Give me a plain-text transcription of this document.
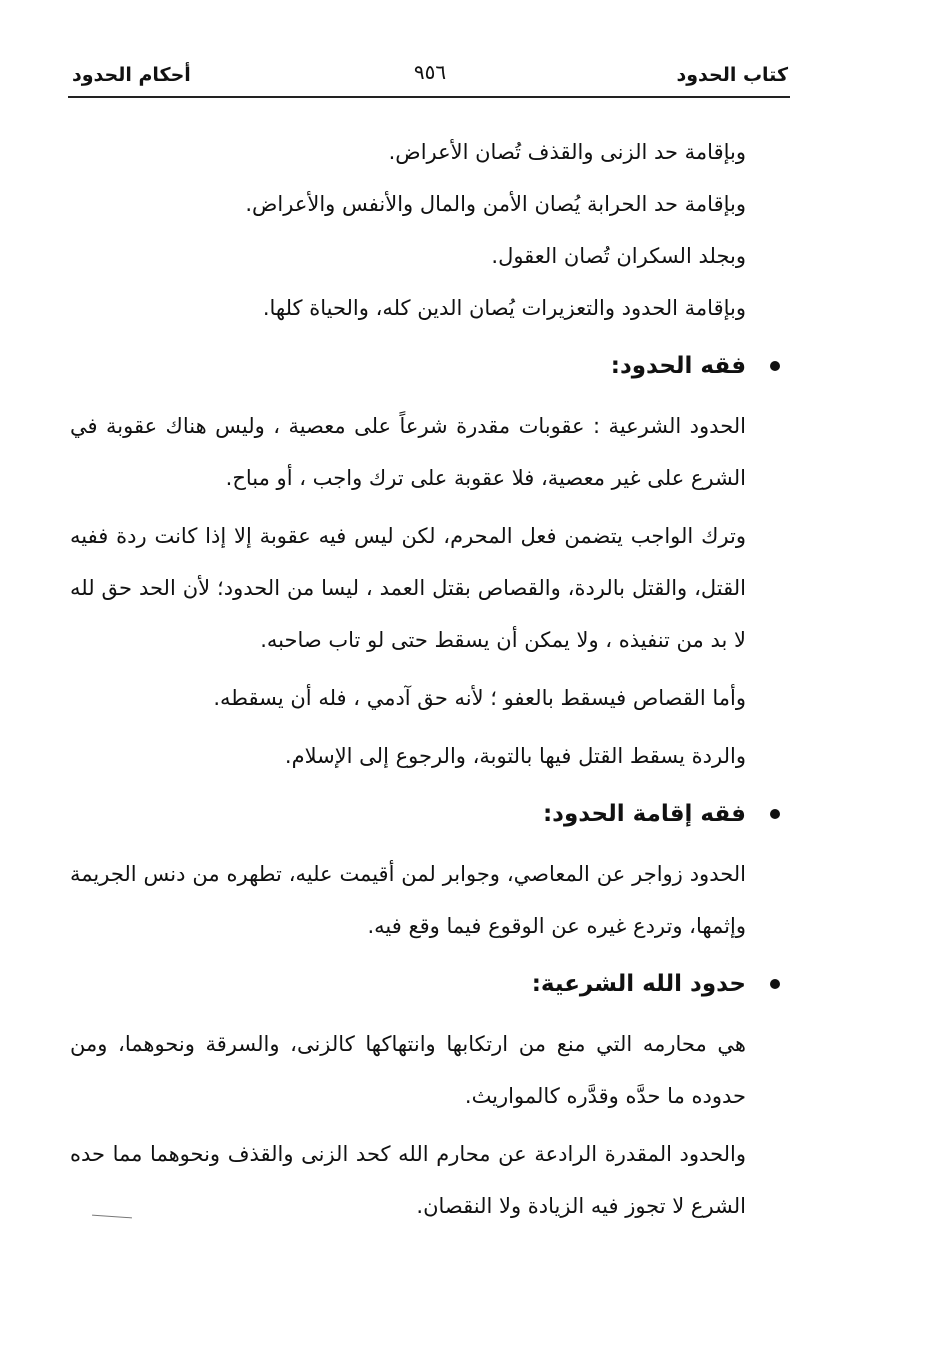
كتاب الحدود
٩٥٦
أحكام الحدود
وبإقامة حد الزنى والقذف تُصان الأعراض.
وبإقامة حد الحرابة يُصان الأمن والمال والأنفس والأعراض.
وبجلد السكران تُصان العقول.
وبإقامة الحدود والتعزيرات يُصان الدين كله، والحياة كلها.
فقه الحدود:
الحدود الشرعية : عقوبات مقدرة شرعاً على معصية ، وليس هناك عقوبة في الشرع على غير معصية، فلا عقوبة على ترك واجب ، أو مباح.
وترك الواجب يتضمن فعل المحرم، لكن ليس فيه عقوبة إلا إذا كانت ردة ففيه القتل، والقتل بالردة، والقصاص بقتل العمد ، ليسا من الحدود؛ لأن الحد حق لله لا بد من تنفيذه ، ولا يمكن أن يسقط حتى لو تاب صاحبه.
وأما القصاص فيسقط بالعفو ؛ لأنه حق آدمي ، فله أن يسقطه.
والردة يسقط القتل فيها بالتوبة، والرجوع إلى الإسلام.
فقه إقامة الحدود:
الحدود زواجر عن المعاصي، وجوابر لمن أقيمت عليه، تطهره من دنس الجريمة وإثمها، وتردع غيره عن الوقوع فيما وقع فيه.
حدود الله الشرعية:
هي محارمه التي منع من ارتكابها وانتهاكها كالزنى، والسرقة ونحوهما، ومن حدوده ما حدَّه وقدَّره كالمواريث.
والحدود المقدرة الرادعة عن محارم الله كحد الزنى والقذف ونحوهما مما حده الشرع لا تجوز فيه الزيادة ولا النقصان.
